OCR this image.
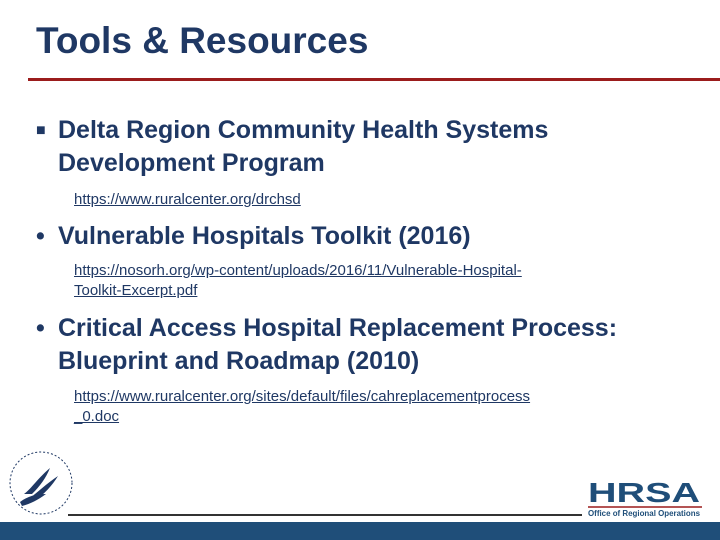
Tools & Resources
■ Delta Region Community Health Systems
Development Program
https://www.ruralcenter.org/drchsd
• Vulnerable Hospitals Toolkit (2016)
https://nosorh.org/wp-content/uploads/2016/11/Vulnerable-Hospital-
Toolkit-Excerpt.pdf
• Critical Access Hospital Replacement Process:
Blueprint and Roadmap (2010)
https://www.ruralcenter.org/sites/default/files/cahreplacementprocess
_0.doc
HRSA
Office of Regional Operations
